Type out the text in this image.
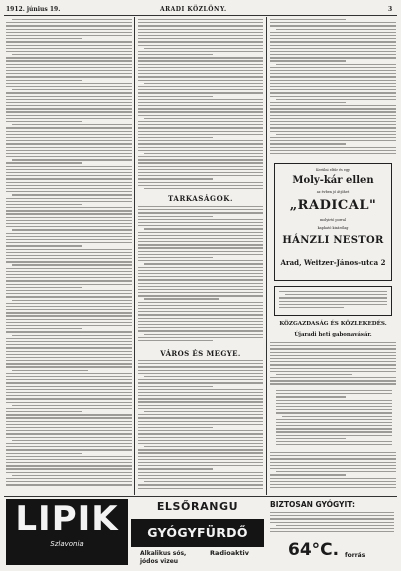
1912. június 19.	ARADI KÖZLÖNY.	3
TARKASÁGOK.
VÁROS ÉS MEGYE.
Kerülni eltűr és egy
Moly-kár ellen
az évben jó átjöhet
„RADICAL"
molyirtó porral
kapható kizárólag
HÁNZLI NESTOR
Arad, Weitzer-János-utca 2
KÖZGAZDASÁG ÉS KÖZLEKEDÉS.
Újaradi heti gabonavásár.
LIPIK
Szlavonia
ELSŐRANGU
GYÓGYFÜRDŐ
BIZTOSAN GYÓGYIT:
Alkalikus sós,
jódos vizeu
Radioaktiv 64°C. forrás
